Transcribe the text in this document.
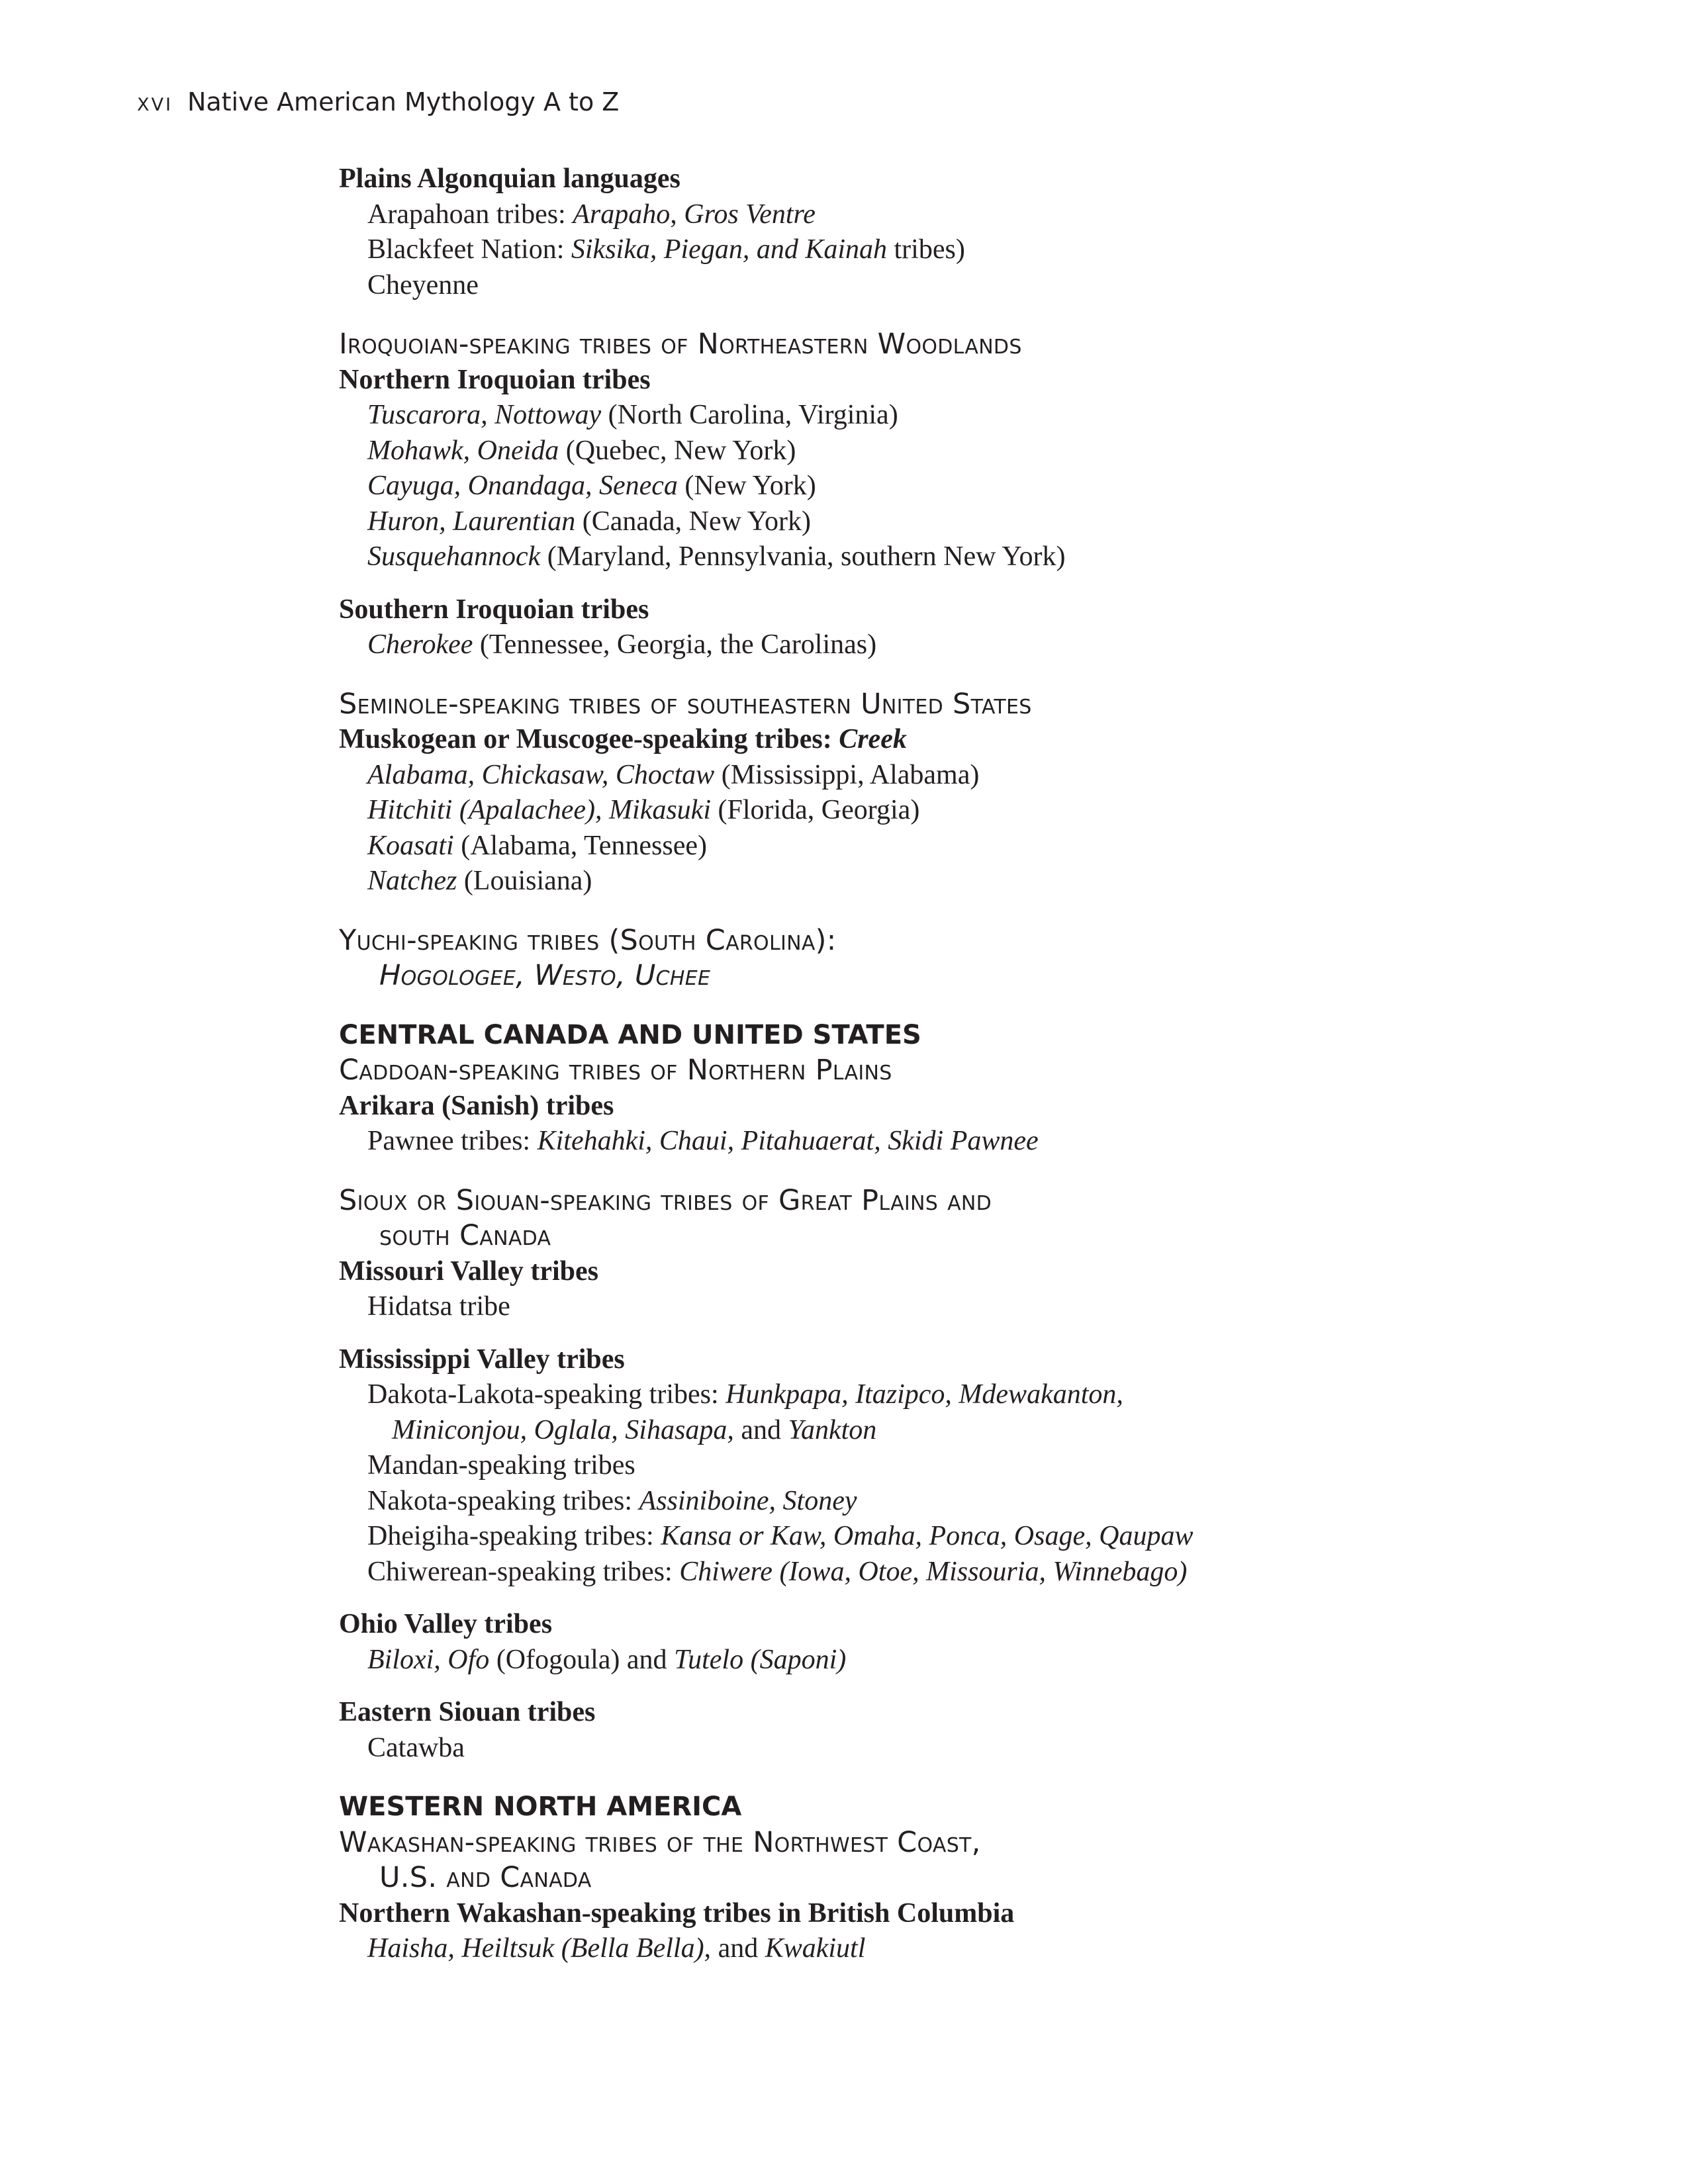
xvi Native American Mythology A to Z

Plains Algonquian languages

Arapahoan tribes: Arapaho, Gros Ventre

Blackfeet Nation: Siksika, Piegan, and Kainah tribes)

Cheyenne

Iroquoian-speaking tribes of Northeastern Woodlands

Northern Iroquoian tribes

Tuscarora, Nottoway (North Carolina, Virginia)

Mohawk, Oneida (Quebec, New York)

Cayuga, Onandaga, Seneca (New York)

Huron, Laurentian (Canada, New York)

Susquehannock (Maryland, Pennsylvania, southern New York)

Southern Iroquoian tribes

Cherokee (Tennessee, Georgia, the Carolinas)

Seminole-speaking tribes of southeastern United States

Muskogean or Muscogee-speaking tribes: Creek

Alabama, Chickasaw, Choctaw (Mississippi, Alabama)

Hitchiti (Apalachee), Mikasuki (Florida, Georgia)

Koasati (Alabama, Tennessee)

Natchez (Louisiana)

Yuchi-speaking tribes (South Carolina):

Hogologee, Westo, Uchee

CENTRAL CANADA AND UNITED STATES

Caddoan-speaking tribes of Northern Plains

Arikara (Sanish) tribes

Pawnee tribes: Kitehahki, Chaui, Pitahuaerat, Skidi Pawnee

Sioux or Siouan-speaking tribes of Great Plains and

south Canada

Missouri Valley tribes

Hidatsa tribe

Mississippi Valley tribes

Dakota-Lakota-speaking tribes: Hunkpapa, Itazipco, Mdewakanton,

Miniconjou, Oglala, Sihasapa, and Yankton

Mandan-speaking tribes

Nakota-speaking tribes: Assiniboine, Stoney

Dheigiha-speaking tribes: Kansa or Kaw, Omaha, Ponca, Osage, Qaupaw

Chiwerean-speaking tribes: Chiwere (Iowa, Otoe, Missouria, Winnebago)

Ohio Valley tribes

Biloxi, Ofo (Ofogoula) and Tutelo (Saponi)

Eastern Siouan tribes

Catawba

WESTERN NORTH AMERICA

Wakashan-speaking tribes of the Northwest Coast,

U.S. and Canada

Northern Wakashan-speaking tribes in British Columbia

Haisha, Heiltsuk (Bella Bella), and Kwakiutl
